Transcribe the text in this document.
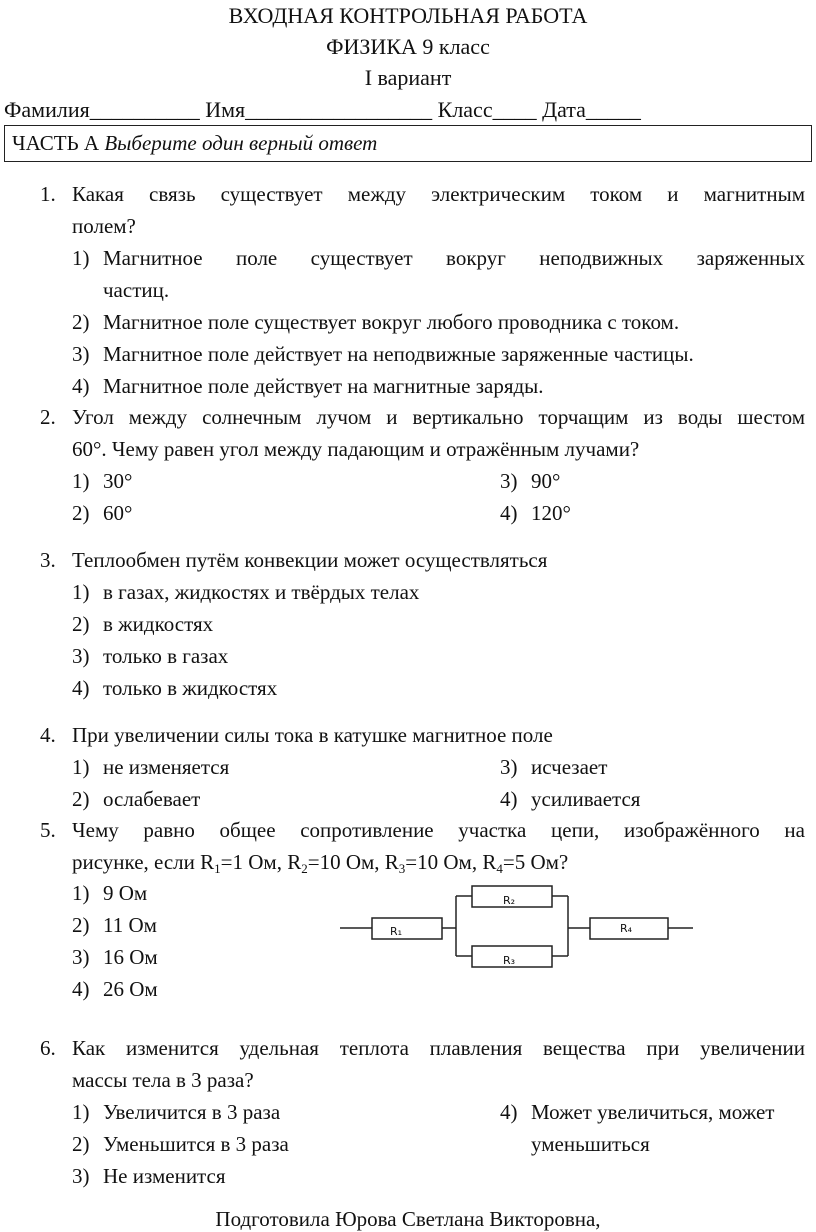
ВХОДНАЯ КОНТРОЛЬНАЯ РАБОТА
ФИЗИКА 9 класс
I вариант
Фамилия__________ Имя_________________ Класс____ Дата_____
ЧАСТЬ А Выберите один верный ответ
1. Какая связь существует между электрическим током и магнитным
полем?
1) Магнитное поле существует вокруг неподвижных заряженных
частиц.
2) Магнитное поле существует вокруг любого проводника с током.
3) Магнитное поле действует на неподвижные заряженные частицы.
4) Магнитное поле действует на магнитные заряды.
2. Угол между солнечным лучом и вертикально торчащим из воды шестом
60°. Чему равен угол между падающим и отражённым лучами?
1) 30°	3) 90°
2) 60°	4) 120°
3. Теплообмен путём конвекции может осуществляться
1) в газах, жидкостях и твёрдых телах
2) в жидкостях
3) только в газах
4) только в жидкостях
4. При увеличении силы тока в катушке магнитное поле
1) не изменяется	3) исчезает
2) ослабевает	4) усиливается
5. Чему равно общее сопротивление участка цепи, изображённого на
рисунке, если $R_1=1$ Ом, $R_2=10$ Ом, $R_3=10$ Ом, $R_4=5$ Ом?
1) 9 Ом
2) 11 Ом
3) 16 Ом
4) 26 Ом
R₁
R₂
R₃
R₄
6. Как изменится удельная теплота плавления вещества при увеличении
массы тела в 3 раза?
1) Увеличится в 3 раза
2) Уменьшится в 3 раза
3) Не изменится
4) Может увеличиться, может
уменьшиться
Подготовила Юрова Светлана Викторовна,
